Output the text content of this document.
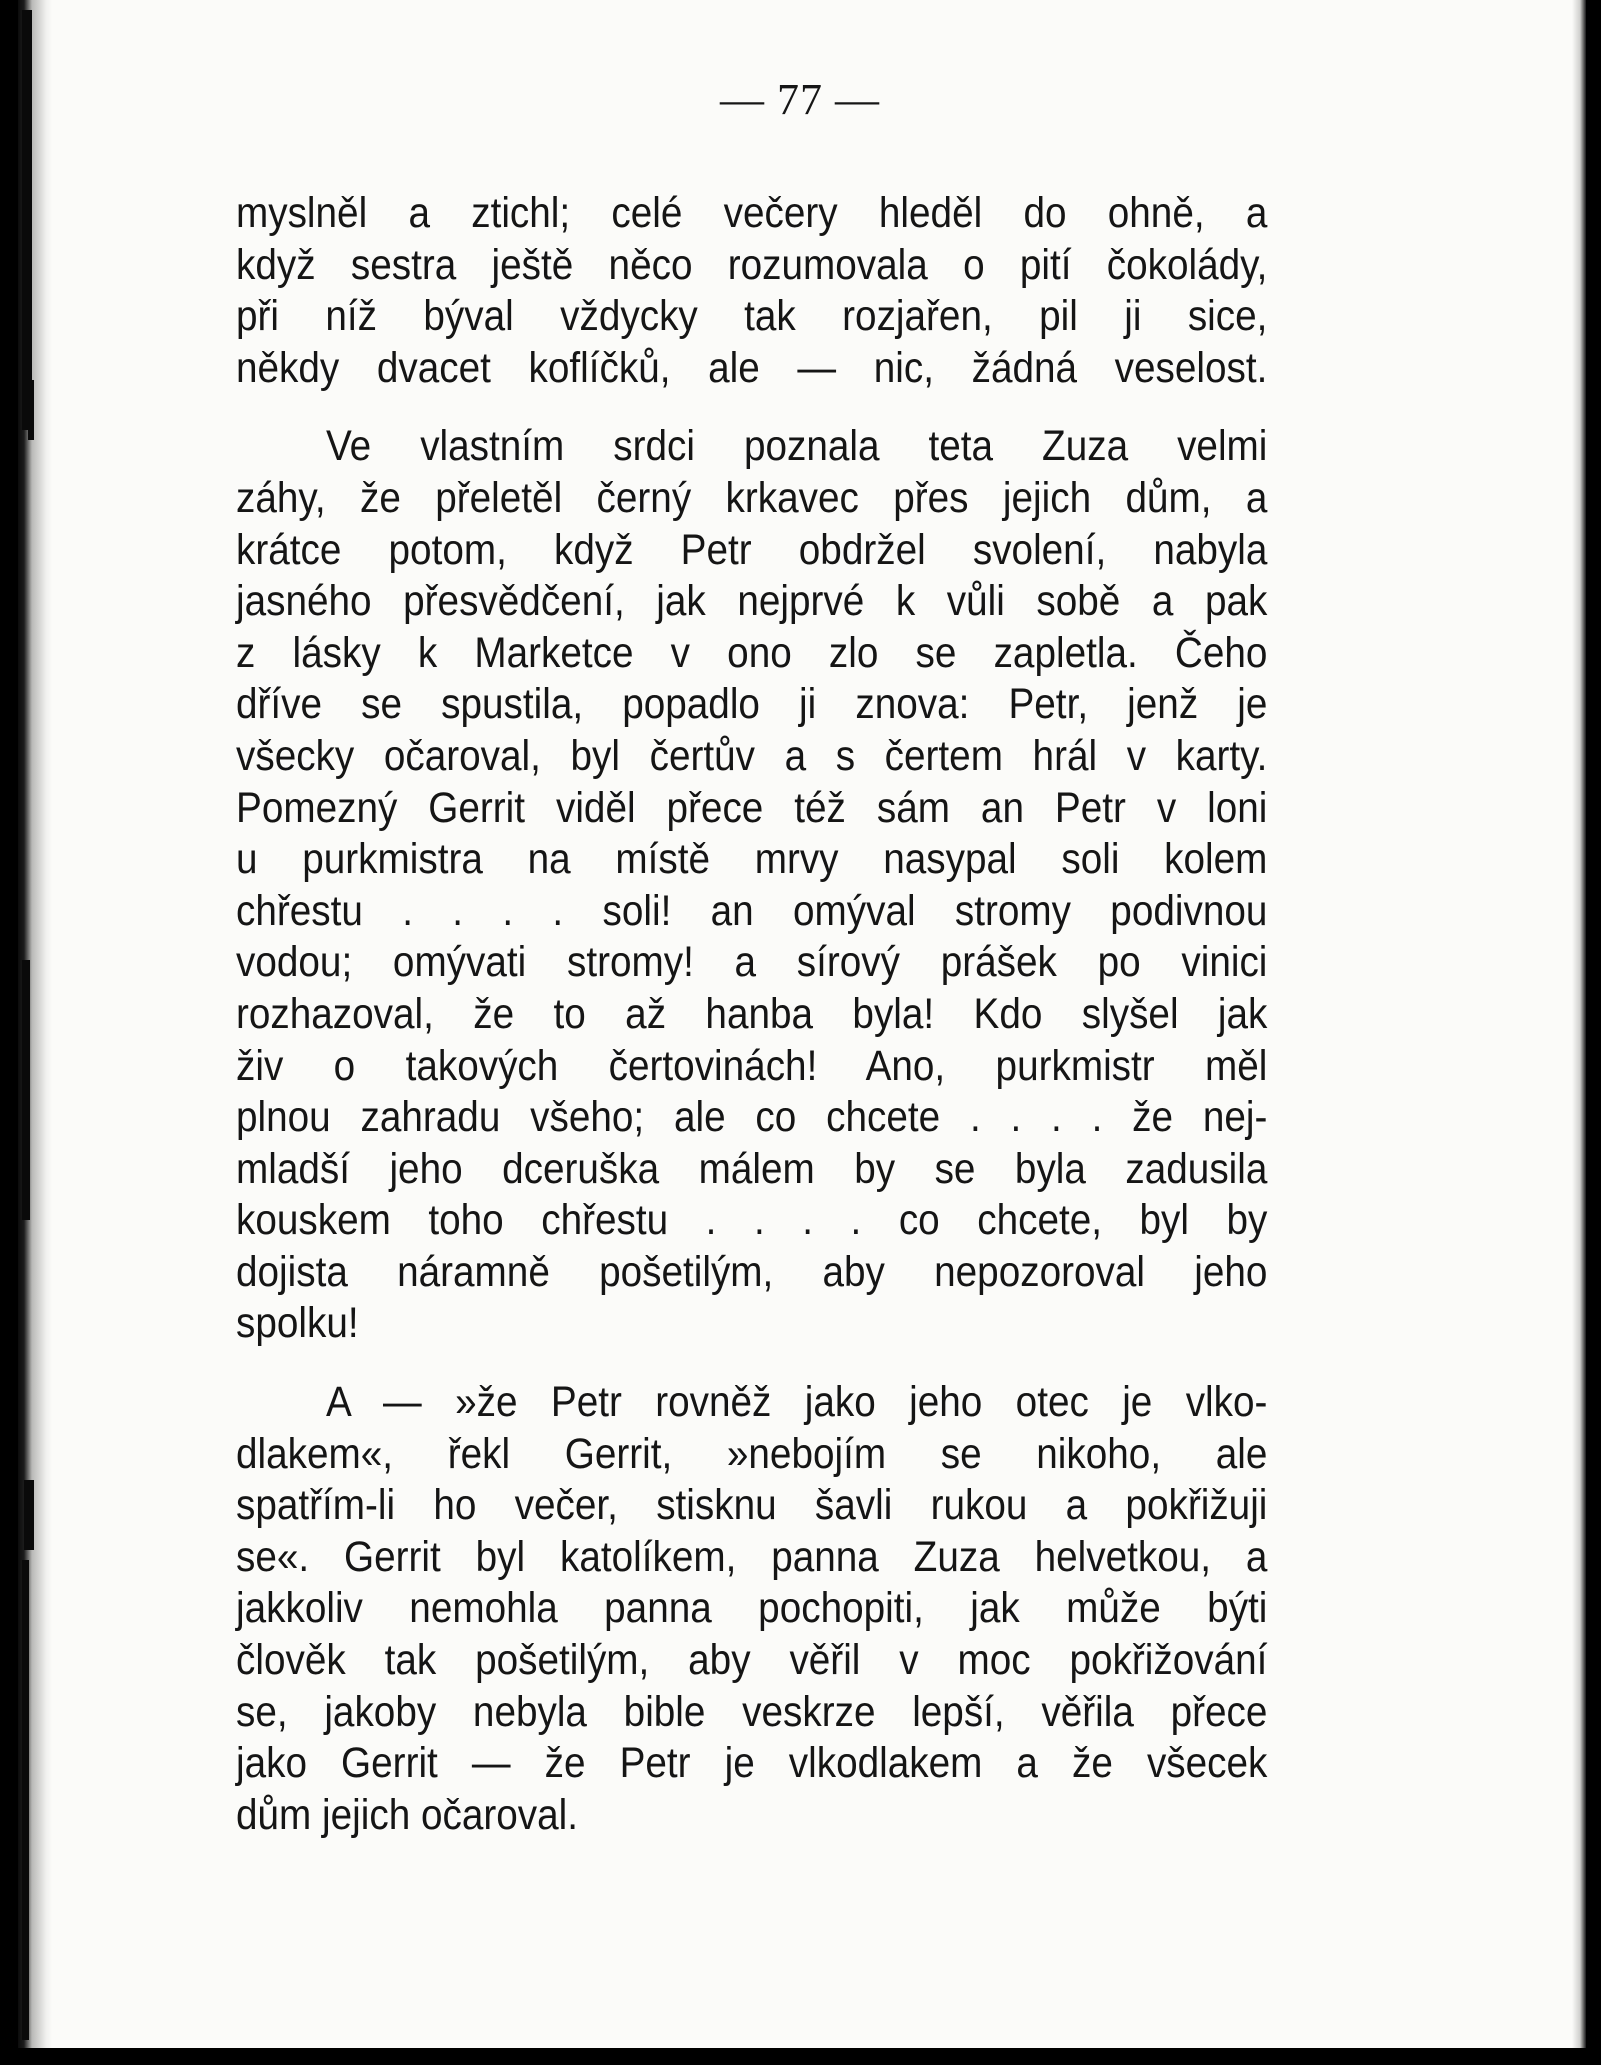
— 77 —

myslněl a ztichl; celé večery hleděl do ohně, a
když sestra ještě něco rozumovala o pití čokolády,
při níž býval vždycky tak rozjařen, pil ji sice,
někdy dvacet koflíčků, ale — nic, žádná veselost.

Ve vlastním srdci poznala teta Zuza velmi
záhy, že přeletěl černý krkavec přes jejich dům, a
krátce potom, když Petr obdržel svolení, nabyla
jasného přesvědčení, jak nejprvé k vůli sobě a pak
z lásky k Marketce v ono zlo se zapletla. Čeho
dříve se spustila, popadlo ji znova: Petr, jenž je
všecky očaroval, byl čertův a s čertem hrál v karty.
Pomezný Gerrit viděl přece též sám an Petr v loni
u purkmistra na místě mrvy nasypal soli kolem
chřestu . . . . soli! an omýval stromy podivnou
vodou; omývati stromy! a sírový prášek po vinici
rozhazoval, že to až hanba byla! Kdo slyšel jak
živ o takových čertovinách! Ano, purkmistr měl
plnou zahradu všeho; ale co chcete . . . . že nej-
mladší jeho dceruška málem by se byla zadusila
kouskem toho chřestu . . . . co chcete, byl by
dojista náramně pošetilým, aby nepozoroval jeho
spolku!

A — »že Petr rovněž jako jeho otec je vlko-
dlakem«, řekl Gerrit, »nebojím se nikoho, ale
spatřím-li ho večer, stisknu šavli rukou a pokřižuji
se«. Gerrit byl katolíkem, panna Zuza helvetkou, a
jakkoliv nemohla panna pochopiti, jak může býti
člověk tak pošetilým, aby věřil v moc pokřižování
se, jakoby nebyla bible veskrze lepší, věřila přece
jako Gerrit — že Petr je vlkodlakem a že všecek
dům jejich očaroval.
